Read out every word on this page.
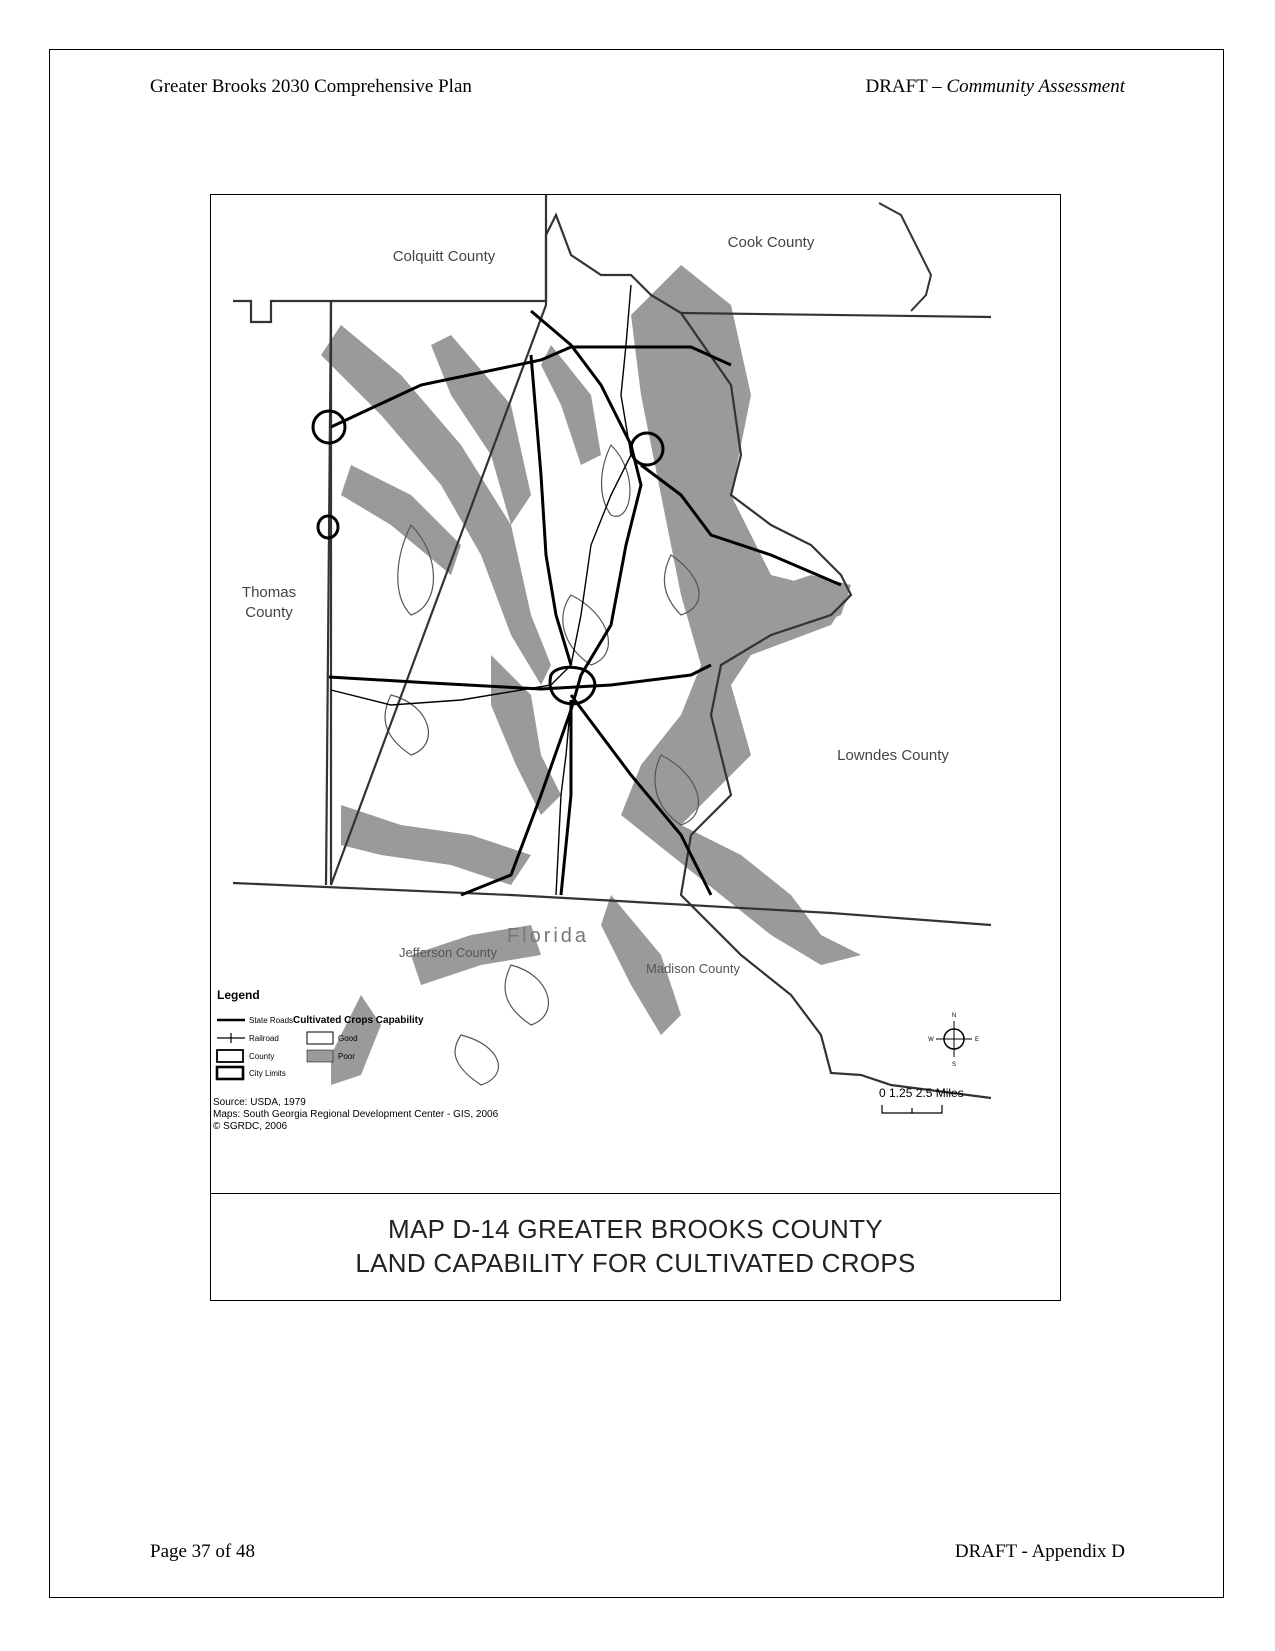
Greater Brooks 2030 Comprehensive Plan	DRAFT – Community Assessment
Colquitt County
Cook County
Thomas
County
Lowndes County
Florida
Jefferson County
Madison County
Legend
State Roads
Railroad
County
City Limits
Cultivated Crops Capability
Good
Poor
Source: USDA, 1979
Maps: South Georgia Regional Development Center - GIS, 2006
© SGRDC, 2006
N
S
E
W
0 1.25 2.5 Miles
MAP D-14 GREATER BROOKS COUNTY
LAND CAPABILITY FOR CULTIVATED CROPS
Page 37 of 48	DRAFT - Appendix D
